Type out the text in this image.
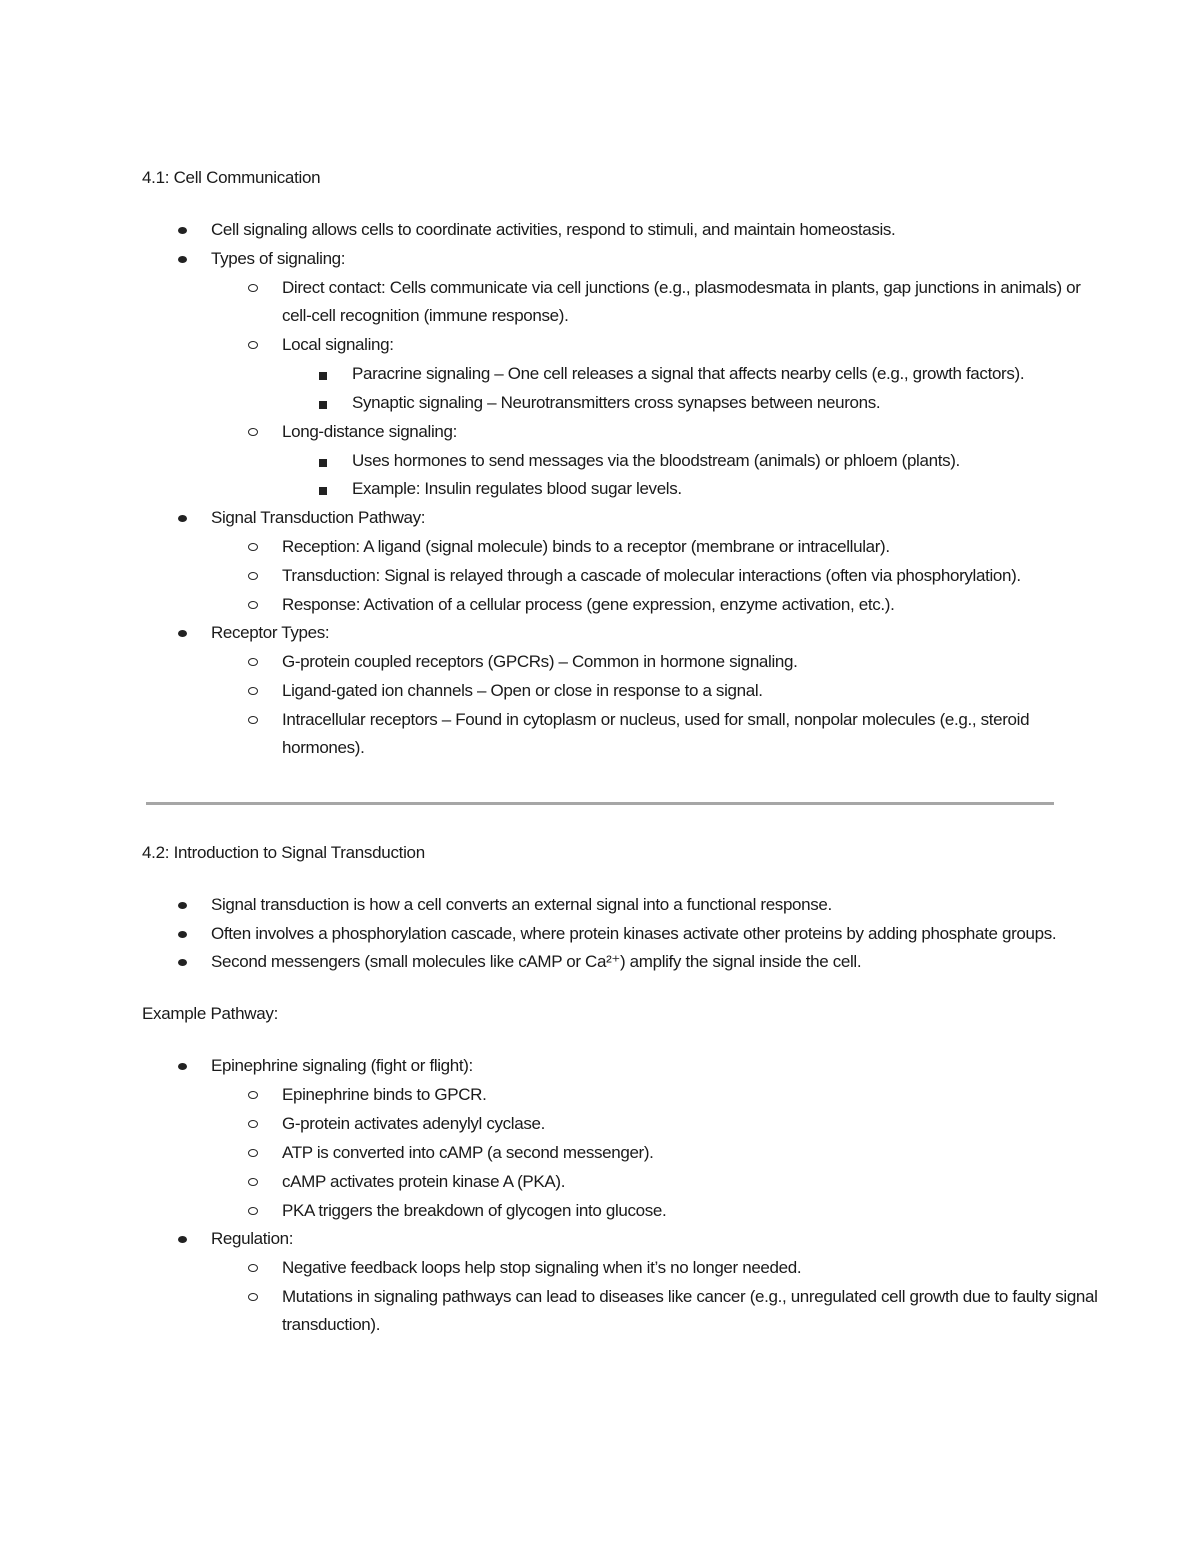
4.1: Cell Communication
Cell signaling allows cells to coordinate activities, respond to stimuli, and maintain homeostasis.
Types of signaling:
Direct contact: Cells communicate via cell junctions (e.g., plasmodesmata in plants, gap junctions in animals) or
cell-cell recognition (immune response).
Local signaling:
Paracrine signaling – One cell releases a signal that affects nearby cells (e.g., growth factors).
Synaptic signaling – Neurotransmitters cross synapses between neurons.
Long-distance signaling:
Uses hormones to send messages via the bloodstream (animals) or phloem (plants).
Example: Insulin regulates blood sugar levels.
Signal Transduction Pathway:
Reception: A ligand (signal molecule) binds to a receptor (membrane or intracellular).
Transduction: Signal is relayed through a cascade of molecular interactions (often via phosphorylation).
Response: Activation of a cellular process (gene expression, enzyme activation, etc.).
Receptor Types:
G-protein coupled receptors (GPCRs) – Common in hormone signaling.
Ligand-gated ion channels – Open or close in response to a signal.
Intracellular receptors – Found in cytoplasm or nucleus, used for small, nonpolar molecules (e.g., steroid
hormones).
4.2: Introduction to Signal Transduction
Signal transduction is how a cell converts an external signal into a functional response.
Often involves a phosphorylation cascade, where protein kinases activate other proteins by adding phosphate groups.
Second messengers (small molecules like cAMP or Ca²⁺) amplify the signal inside the cell.
Example Pathway:
Epinephrine signaling (fight or flight):
Epinephrine binds to GPCR.
G-protein activates adenylyl cyclase.
ATP is converted into cAMP (a second messenger).
cAMP activates protein kinase A (PKA).
PKA triggers the breakdown of glycogen into glucose.
Regulation:
Negative feedback loops help stop signaling when it’s no longer needed.
Mutations in signaling pathways can lead to diseases like cancer (e.g., unregulated cell growth due to faulty signal
transduction).
